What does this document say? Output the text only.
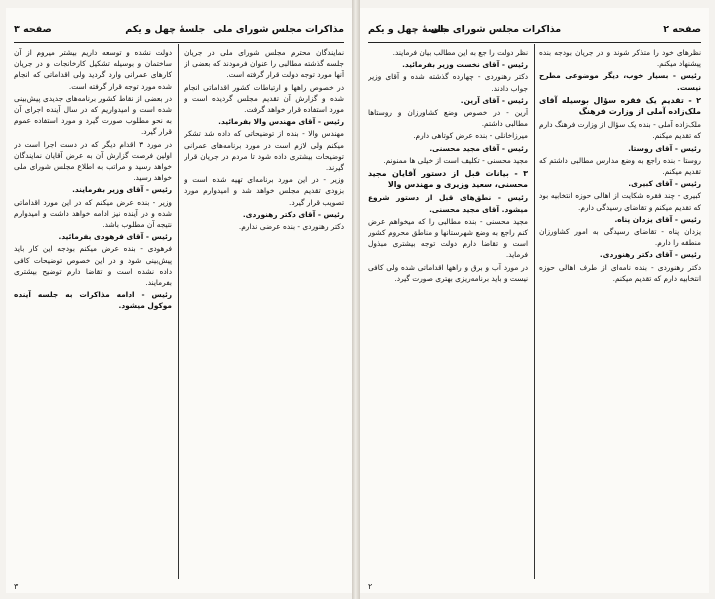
مذاکرات مجلس شورای ملی
جلسهٔ چهل و یکم
صفحه ۳

نمایندگان محترم مجلس شورای ملی در جریان جلسه گذشته مطالبی را عنوان فرمودند که بعضی از آنها مورد توجه دولت قرار گرفته است.

در خصوص راهها و ارتباطات کشور اقداماتی انجام شده و گزارش آن تقدیم مجلس گردیده است و مورد استفاده قرار خواهد گرفت.

رئیس - آقای مهندس والا بفرمائید.

مهندس والا - بنده از توضیحاتی که داده شد تشکر میکنم ولی لازم است در مورد برنامه‌های عمرانی توضیحات بیشتری داده شود تا مردم در جریان قرار گیرند.

وزیر - در این مورد برنامه‌ای تهیه شده است و بزودی تقدیم مجلس خواهد شد و امیدوارم مورد تصویب قرار گیرد.

رئیس - آقای دکتر رهنوردی.

دکتر رهنوردی - بنده عرضی ندارم.

دولت نشده و توسعه داریم بیشتر میروم از آن ساختمان و بوسیله تشکیل کارخانجات و در جریان کارهای عمرانی وارد گردید ولی اقداماتی که انجام شده مورد توجه قرار گرفته است.

در بعضی از نقاط کشور برنامه‌های جدیدی پیش‌بینی شده است و امیدواریم که در سال آینده اجرای آن به نحو مطلوب صورت گیرد و مورد استفاده عموم قرار گیرد.

در مورد ۳ اقدام دیگر که در دست اجرا است در اولین فرصت گزارش آن به عرض آقایان نمایندگان خواهد رسید و مراتب به اطلاع مجلس شورای ملی خواهد رسید.

رئیس - آقای وزیر بفرمایند.

وزیر - بنده عرض میکنم که در این مورد اقداماتی شده و در آینده نیز ادامه خواهد داشت و امیدوارم نتیجه آن مطلوب باشد.

رئیس - آقای فرهودی بفرمائید.

فرهودی - بنده عرض میکنم بودجه این کار باید پیش‌بینی شود و در این خصوص توضیحات کافی داده نشده است و تقاضا دارم توضیح بیشتری بفرمایند.

رئیس - ادامه مذاکرات به جلسه آینده موکول میشود.

۳
صفحه ۲
مذاکرات مجلس شورای ملی
جلسهٔ چهل و یکم

نظرهای خود را متذکر شوند و در جریان بودجه بنده پیشنهاد میکنم.

رئیس - بسیار خوب، دیگر موضوعی مطرح نیست.

۲ - تقدیم یک فقره سؤال بوسیله آقای ملک‌زاده آملی از وزارت فرهنگ

ملک‌زاده آملی - بنده یک سؤال از وزارت فرهنگ دارم که تقدیم میکنم.

رئیس - آقای روستا.

روستا - بنده راجع به وضع مدارس مطالبی داشتم که تقدیم میکنم.

رئیس - آقای کبیری.

کبیری - چند فقره شکایت از اهالی حوزه انتخابیه بود که تقدیم میکنم و تقاضای رسیدگی دارم.

رئیس - آقای یزدان پناه.

یزدان پناه - تقاضای رسیدگی به امور کشاورزان منطقه را دارم.

رئیس - آقای دکتر رهنوردی.

دکتر رهنوردی - بنده نامه‌ای از طرف اهالی حوزه انتخابیه دارم که تقدیم میکنم.

نظر دولت را جع به این مطالب بیان فرمایند.

رئیس - آقای نخست وزیر بفرمائید.

دکتر رهنوردی - چهارده گذشته شده و آقای وزیر جواب دادند.

رئیس - آقای آرین.

آرین - در خصوص وضع کشاورزان و روستاها مطالبی داشتم.

میرزاخانلی - بنده عرض کوتاهی دارم.

رئیس - آقای مجید محسنی.

مجید محسنی - تکلیف است از خیلی ها ممنونم.

۳ - بیانات قبل از دستور آقایان مجید محسنی، سعید وزیری و مهندس والا

رئیس - نطق‌های قبل از دستور شروع میشود. آقای مجید محسنی.

مجید محسنی - بنده مطالبی را که میخواهم عرض کنم راجع به وضع شهرستانها و مناطق محروم کشور است و تقاضا دارم دولت توجه بیشتری مبذول فرماید.

در مورد آب و برق و راهها اقداماتی شده ولی کافی نیست و باید برنامه‌ریزی بهتری صورت گیرد.

۲
